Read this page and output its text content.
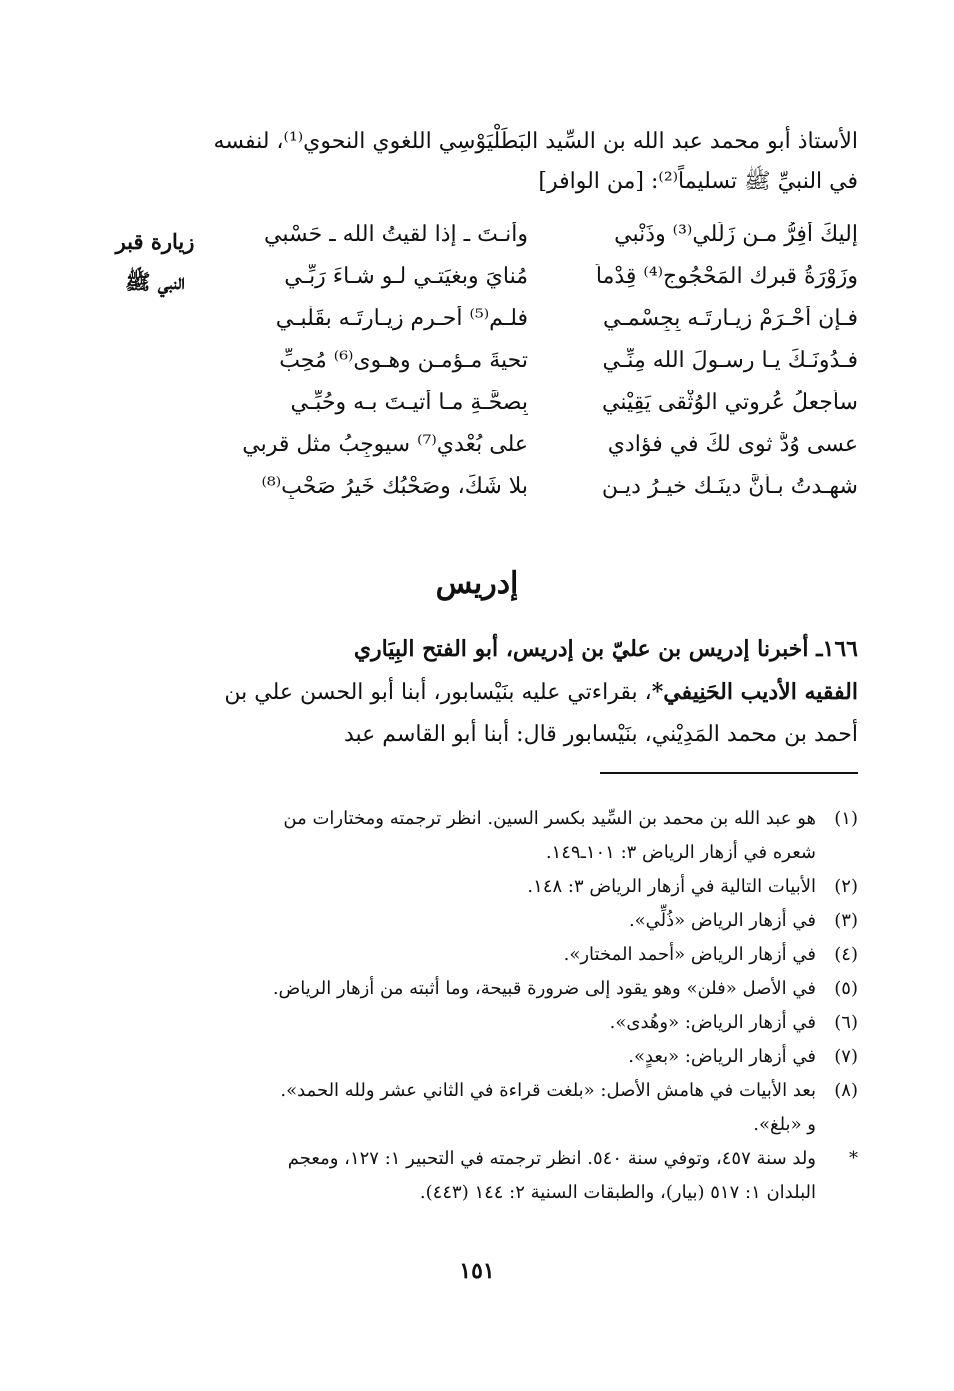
الأستاذ أبو محمد عبد الله بن السِّيد البَطَلْيَوْسِي اللغوي النحوي⁽¹⁾، لنفسه
في النبيِّ ﷺ تسليماً⁽²⁾: [من الوافر]
زيارة قبر
النبي ﷺ
إليكَ أفِرُّ مـن زَلَلي⁽³⁾ وذَنْبي
وأنـتَ ـ إذا لقيتُ الله ـ حَسْبي
وزَوْرَةُ قبرِك المَحْجُوج⁽⁴⁾ قِدْماً
مُنايَ وبغيَتـي لـو شـاءَ رَبِّـي
فـإن أُحْـرَمْ زيـارتَـه بِجِسْمـي
فلـم⁽⁵⁾ أحـرم زيـارتَـه بقَلْبـي
فـدُونَـكَ يـا رسـولَ الله مِنِّـي
تحيةَ مـؤمـنٍ وهـوى⁽⁶⁾ مُحِبِّ
سأجعلُ عُروتي الوُثْقى يَقِيْني
بِصحَّـةِ مـا أتيـتَ بـه وحُبِّـي
عسى وُدٌّ ثوى لكَ في فؤادي
على بُعْدي⁽⁷⁾ سيوجِبُ مثل قربي
شهـدتُ بـأنَّ دينَـك خيـرُ ديـنٍ
بلا شَكٍّ، وصَحْبُك خَيرُ صَحْبٍ⁽⁸⁾
إدريس
١٦٦ـ أخبرنا إدريس بن عليّ بن إدريس، أبو الفتح البِيَاري
الفقيه الأديب الحَنِيفي*، بقراءتي عليه بنَيْسابور، أبنا أبو الحسن علي بن
أحمد بن محمد المَدِيْني، بنَيْسابور قال: أبنا أبو القاسم عبد
(١)
هو عبد الله بن محمد بن السِّيد بكسر السين. انظر ترجمته ومختارات من
شعره في أزهار الرياض ٣: ١٠١ـ١٤٩.
(٢)
الأبيات التالية في أزهار الرياض ٣: ١٤٨.
(٣)
في أزهار الرياض «ذُلِّي».
(٤)
في أزهار الرياض «أحمد المختار».
(٥)
في الأصل «فلن» وهو يقود إلى ضرورة قبيحة، وما أثبته من أزهار الرياض.
(٦)
في أزهار الرياض: «وهُدى».
(٧)
في أزهار الرياض: «بعدٍ».
(٨)
بعد الأبيات في هامش الأصل: «بلغت قراءة في الثاني عشر ولله الحمد».
و «بلغ».
*
ولد سنة ٤٥٧، وتوفي سنة ٥٤٠. انظر ترجمته في التحبير ١: ١٢٧، ومعجم
البلدان ١: ٥١٧ (بيار)، والطبقات السنية ٢: ١٤٤ (٤٤٣).
١٥١
